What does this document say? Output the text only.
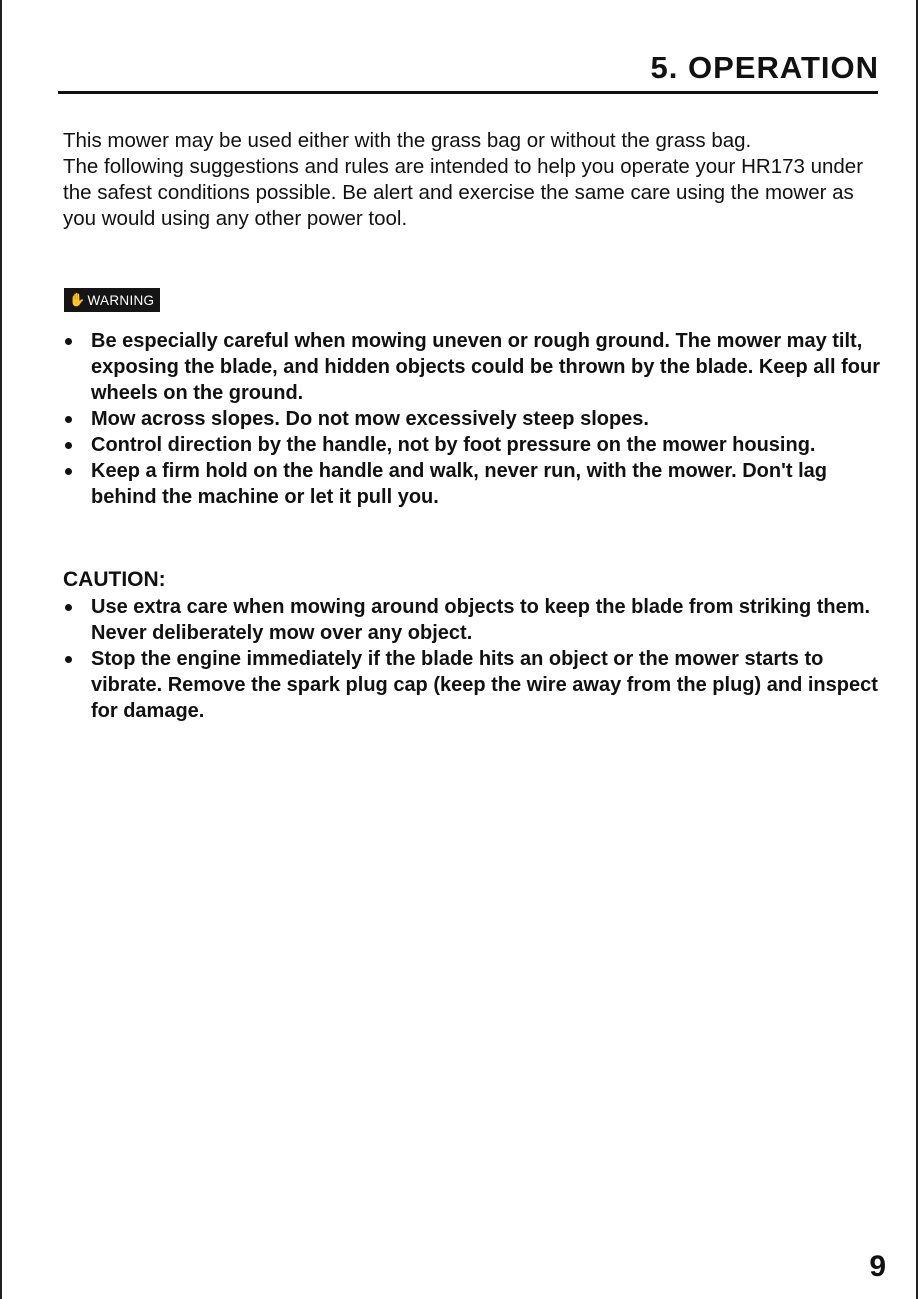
5. OPERATION

This mower may be used either with the grass bag or without the grass bag.

The following suggestions and rules are intended to help you operate your HR173 under the safest conditions possible. Be alert and exercise the same care using the mower as you would using any other power tool.

✋ WARNING
Be especially careful when mowing uneven or rough ground. The mower may tilt, exposing the blade, and hidden objects could be thrown by the blade. Keep all four wheels on the ground.
Mow across slopes. Do not mow excessively steep slopes.
Control direction by the handle, not by foot pressure on the mower housing.
Keep a firm hold on the handle and walk, never run, with the mower. Don't lag behind the machine or let it pull you.
CAUTION:
Use extra care when mowing around objects to keep the blade from striking them. Never deliberately mow over any object.
Stop the engine immediately if the blade hits an object or the mower starts to vibrate. Remove the spark plug cap (keep the wire away from the plug) and inspect for damage.
9
